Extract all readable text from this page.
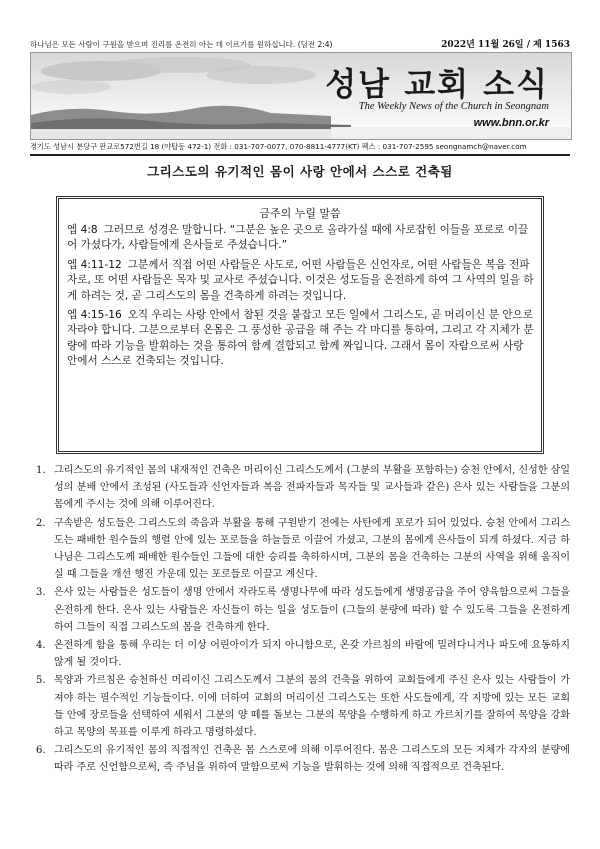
하나님은 모든 사람이 구원을 받으며 진리를 온전히 아는 데 이르기를 원하십니다. (딤전 2:4)	2022년 11월 26일 / 제 1563
성남 교회 소식
The Weekly News of the Church in Seongnam
www.bnn.or.kr
경기도 성남시 분당구 판교로572번길 18 (야탑동 472-1) 전화 : 031-707-0077, 070-8811-4777(KT) 팩스 : 031-707-2595 seongnamch@naver.com
그리스도의 유기적인 몸이 사랑 안에서 스스로 건축됨
금주의 누릴 말씀
엡 4:8 그러므로 성경은 말합니다. “그분은 높은 곳으로 올라가실 때에 사로잡힌 이들을 포로로 이끌어 가셨다가, 사람들에게 은사들로 주셨습니다.”
엡 4:11-12 그분께서 직접 어떤 사람들은 사도로, 어떤 사람들은 신언자로, 어떤 사람들은 복음 전파자로, 또 어떤 사람들은 목자 및 교사로 주셨습니다. 이것은 성도들을 온전하게 하여 그 사역의 일을 하게 하려는 것, 곧 그리스도의 몸을 건축하게 하려는 것입니다.
엡 4:15-16 오직 우리는 사랑 안에서 참된 것을 붙잡고 모든 일에서 그리스도, 곧 머리이신 분 안으로 자라야 합니다. 그분으로부터 온몸은 그 풍성한 공급을 해 주는 각 마디를 통하여, 그리고 각 지체가 분량에 따라 기능을 발휘하는 것을 통하여 함께 결합되고 함께 짜입니다. 그래서 몸이 자람으로써 사랑 안에서 스스로 건축되는 것입니다.
1. 그리스도의 유기적인 몸의 내재적인 건축은 머리이신 그리스도께서 (그분의 부활을 포함하는) 승천 안에서, 신성한 삼일성의 분배 안에서 조성된 (사도들과 신언자들과 복음 전파자들과 목자들 및 교사들과 같은) 은사 있는 사람들을 그분의 몸에게 주시는 것에 의해 이루어진다.
2. 구속받은 성도들은 그리스도의 죽음과 부활을 통해 구원받기 전에는 사탄에게 포로가 되어 있었다. 승천 안에서 그리스도는 패배한 원수들의 행렬 안에 있는 포로들을 하늘들로 이끌어 가셨고, 그분의 몸에게 은사들이 되게 하셨다. 지금 하나님은 그리스도께 패배한 원수들인 그들에 대한 승리를 축하하시며, 그분의 몸을 건축하는 그분의 사역을 위해 움직이실 때 그들을 개선 행진 가운데 있는 포로들로 이끌고 계신다.
3. 은사 있는 사람들은 성도들이 생명 안에서 자라도록 생명나무에 따라 성도들에게 생명공급을 주어 양육함으로써 그들을 온전하게 한다. 은사 있는 사람들은 자신들이 하는 일을 성도들이 (그들의 분량에 따라) 할 수 있도록 그들을 온전하게 하여 그들이 직접 그리스도의 몸을 건축하게 한다.
4. 온전하게 함을 통해 우리는 더 이상 어린아이가 되지 아니함으로, 온갖 가르침의 바람에 밀려다니거나 파도에 요동하지 않게 될 것이다.
5. 목양과 가르침은 승천하신 머리이신 그리스도께서 그분의 몸의 건축을 위하여 교회들에게 주신 은사 있는 사람들이 가져야 하는 필수적인 기능들이다. 이에 더하여 교회의 머리이신 그리스도는 또한 사도들에게, 각 지방에 있는 모든 교회들 안에 장로들을 선택하여 세워서 그분의 양 떼를 돌보는 그분의 목양을 수행하게 하고 가르치기를 잘하여 목양을 강화하고 목양의 목표를 이루게 하라고 명령하셨다.
6. 그리스도의 유기적인 몸의 직접적인 건축은 몸 스스로에 의해 이루어진다. 몸은 그리스도의 모든 지체가 각자의 분량에 따라 주로 신언함으로써, 즉 주님을 위하여 말함으로써 기능을 발휘하는 것에 의해 직접적으로 건축된다.
